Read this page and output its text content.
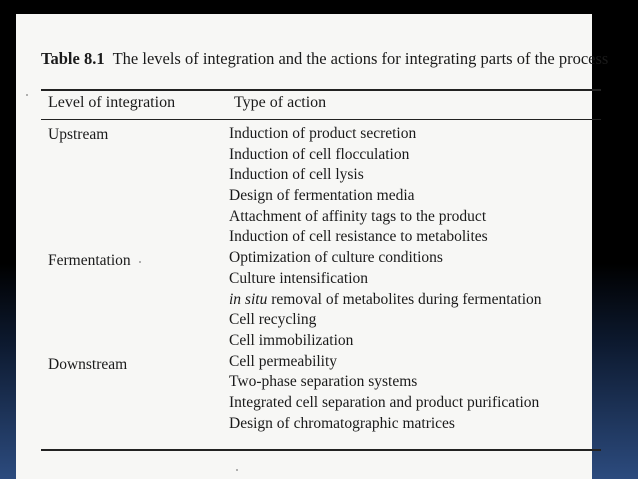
Table 8.1 The levels of integration and the actions for integrating parts of the process
Level of integration	Type of action
Upstream
Fermentation
Downstream
Induction of product secretion
Induction of cell flocculation
Induction of cell lysis
Design of fermentation media
Attachment of affinity tags to the product
Induction of cell resistance to metabolites
Optimization of culture conditions
Culture intensification
in situ removal of metabolites during fermentation
Cell recycling
Cell immobilization
Cell permeability
Two-phase separation systems
Integrated cell separation and product purification
Design of chromatographic matrices
